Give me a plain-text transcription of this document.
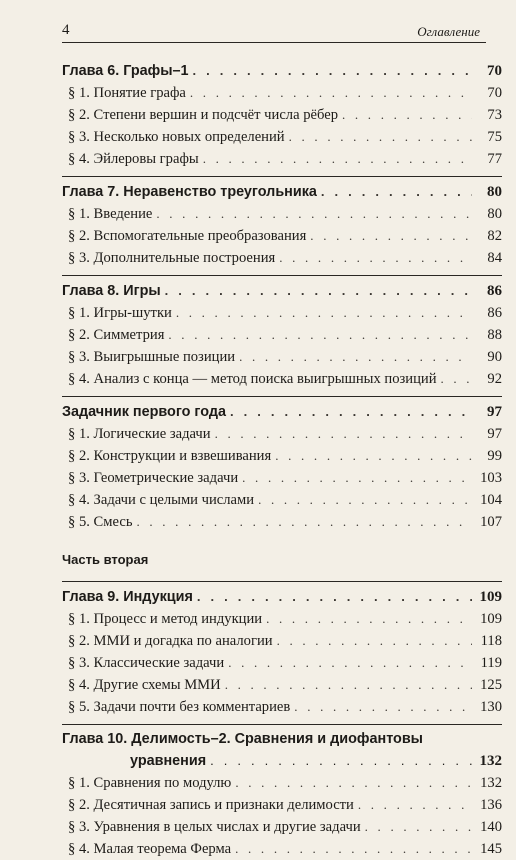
4	Оглавление
Глава 6. Графы–1 . . .	70
§ 1. Понятие графа . . .	70
§ 2. Степени вершин и подсчёт числа рёбер . . .	73
§ 3. Несколько новых определений . . .	75
§ 4. Эйлеровы графы . . .	77
Глава 7. Неравенство треугольника . . .	80
§ 1. Введение . . .	80
§ 2. Вспомогательные преобразования . . .	82
§ 3. Дополнительные построения . . .	84
Глава 8. Игры . . .	86
§ 1. Игры-шутки . . .	86
§ 2. Симметрия . . .	88
§ 3. Выигрышные позиции . . .	90
§ 4. Анализ с конца — метод поиска выигрышных позиций . . .	92
Задачник первого года . . .	97
§ 1. Логические задачи . . .	97
§ 2. Конструкции и взвешивания . . .	99
§ 3. Геометрические задачи . . .	103
§ 4. Задачи с целыми числами . . .	104
§ 5. Смесь . . .	107
Часть вторая
Глава 9. Индукция . . .	109
§ 1. Процесс и метод индукции . . .	109
§ 2. ММИ и догадка по аналогии . . .	118
§ 3. Классические задачи . . .	119
§ 4. Другие схемы ММИ . . .	125
§ 5. Задачи почти без комментариев . . .	130
Глава 10. Делимость–2. Сравнения и диофантовы
уравнения . . .	132
§ 1. Сравнения по модулю . . .	132
§ 2. Десятичная запись и признаки делимости . . .	136
§ 3. Уравнения в целых числах и другие задачи . . .	140
§ 4. Малая теорема Ферма . . .	145
